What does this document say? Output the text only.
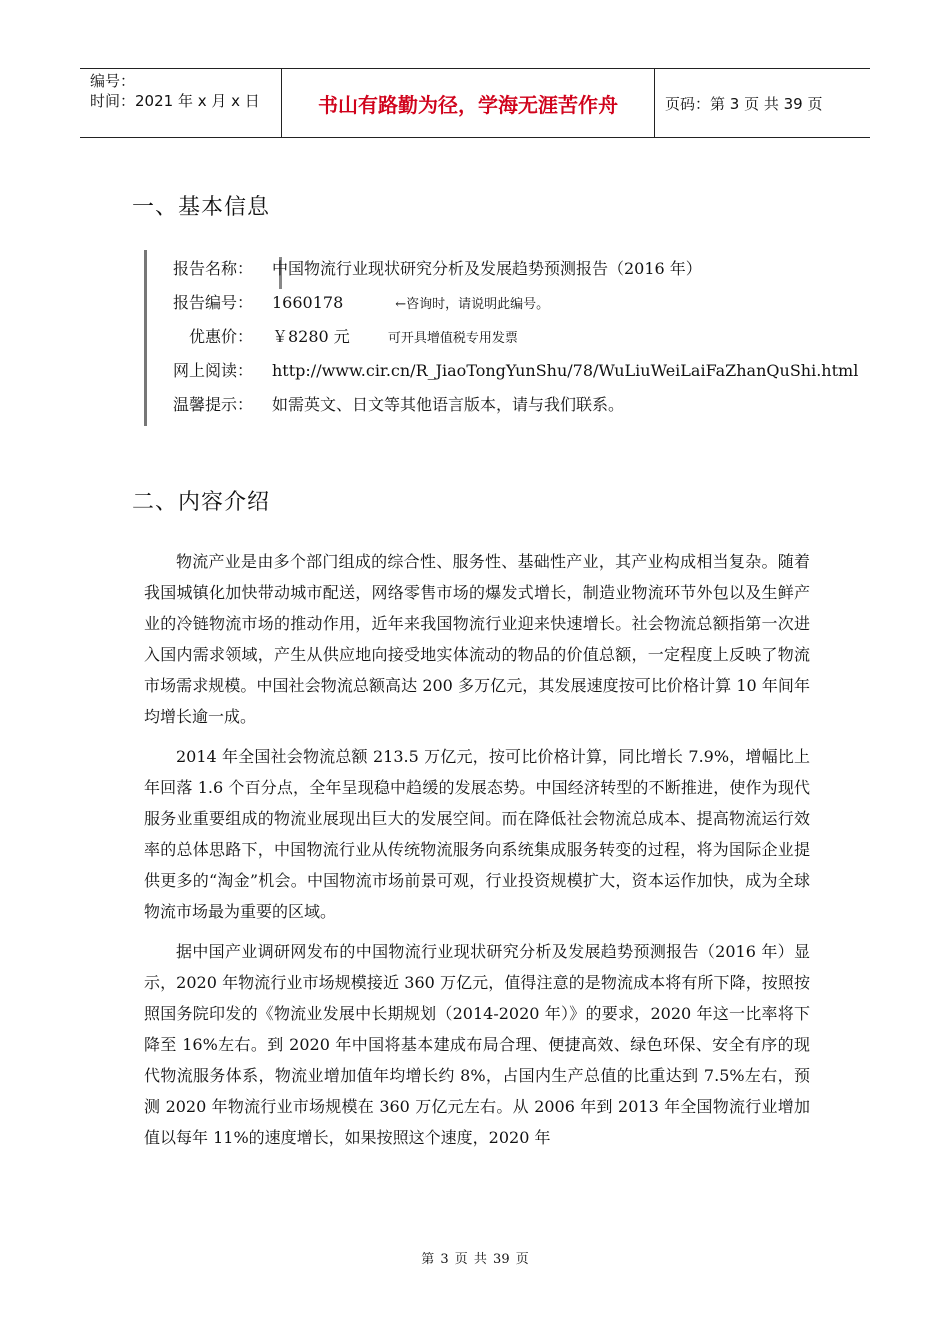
编号：
时间：2021 年 x 月 x 日	书山有路勤为径，学海无涯苦作舟	页码：第 3 页 共 39 页
一、基本信息
报告名称： 中国物流行业现状研究分析及发展趋势预测报告（2016 年）
报告编号： 1660178	←咨询时，请说明此编号。
优惠价： ￥8280 元	可开具增值税专用发票
网上阅读： http://www.cir.cn/R_JiaoTongYunShu/78/WuLiuWeiLaiFaZhanQuShi.html
温馨提示： 如需英文、日文等其他语言版本，请与我们联系。
二、内容介绍

物流产业是由多个部门组成的综合性、服务性、基础性产业，其产业构成相当复杂。随着我国城镇化加快带动城市配送，网络零售市场的爆发式增长，制造业物流环节外包以及生鲜产业的冷链物流市场的推动作用，近年来我国物流行业迎来快速增长。社会物流总额指第一次进入国内需求领域，产生从供应地向接受地实体流动的物品的价值总额，一定程度上反映了物流市场需求规模。中国社会物流总额高达 200 多万亿元，其发展速度按可比价格计算 10 年间年均增长逾一成。

2014 年全国社会物流总额 213.5 万亿元，按可比价格计算，同比增长 7.9%，增幅比上年回落 1.6 个百分点，全年呈现稳中趋缓的发展态势。中国经济转型的不断推进，使作为现代服务业重要组成的物流业展现出巨大的发展空间。而在降低社会物流总成本、提高物流运行效率的总体思路下，中国物流行业从传统物流服务向系统集成服务转变的过程，将为国际企业提供更多的“淘金”机会。中国物流市场前景可观，行业投资规模扩大，资本运作加快，成为全球物流市场最为重要的区域。

据中国产业调研网发布的中国物流行业现状研究分析及发展趋势预测报告（2016 年）显示，2020 年物流行业市场规模接近 360 万亿元，值得注意的是物流成本将有所下降，按照按照国务院印发的《物流业发展中长期规划（2014-2020 年）》的要求，2020 年这一比率将下降至 16%左右。到 2020 年中国将基本建成布局合理、便捷高效、绿色环保、安全有序的现代物流服务体系，物流业增加值年均增长约 8%，占国内生产总值的比重达到 7.5%左右，预测 2020 年物流行业市场规模在 360 万亿元左右。从 2006 年到 2013 年全国物流行业增加值以每年 11%的速度增长，如果按照这个速度，2020 年

第 3 页 共 39 页
